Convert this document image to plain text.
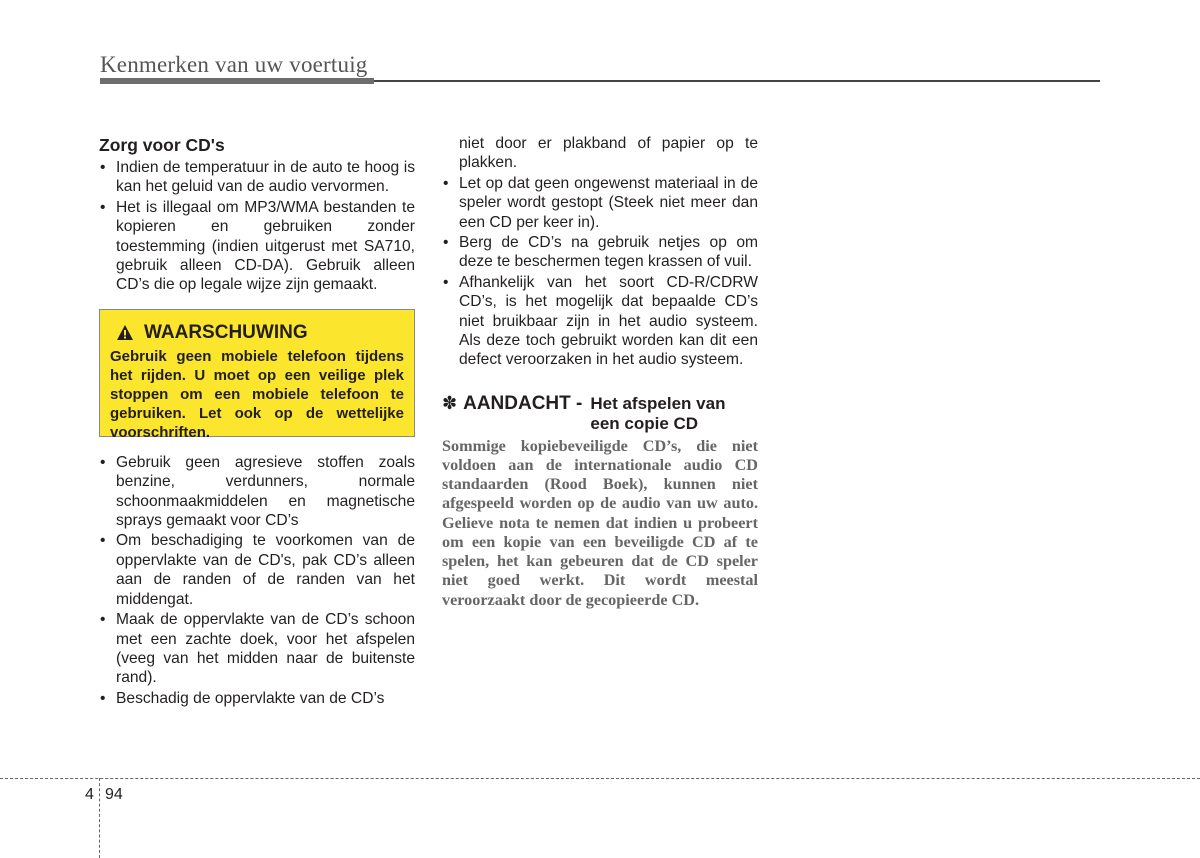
Kenmerken van uw voertuig
Zorg voor CD's
• Indien de temperatuur in de auto te hoog is kan het geluid van de audio vervormen.
• Het is illegaal om MP3/WMA bestanden te kopieren en gebruiken zonder toestemming (indien uitgerust met SA710, gebruik alleen CD-DA). Gebruik alleen CD’s die op legale wijze zijn gemaakt.
WAARSCHUWING
Gebruik geen mobiele telefoon tijdens het rijden. U moet op een veilige plek stoppen om een mobiele telefoon te gebruiken. Let ook op de wettelijke voorschriften.
• Gebruik geen agresieve stoffen zoals benzine, verdunners, normale schoonmaakmiddelen en magnetische sprays gemaakt voor CD’s
• Om beschadiging te voorkomen van de oppervlakte van de CD's, pak CD’s alleen aan de randen of de randen van het middengat.
• Maak de oppervlakte van de CD’s schoon met een zachte doek, voor het afspelen (veeg van het midden naar de buitenste rand).
• Beschadig de oppervlakte van de CD’s
niet door er plakband of papier op te plakken.
• Let op dat geen ongewenst materiaal in de speler wordt gestopt (Steek niet meer dan een CD per keer in).
• Berg de CD’s na gebruik netjes op om deze te beschermen tegen krassen of vuil.
• Afhankelijk van het soort CD-R/CDRW CD’s, is het mogelijk dat bepaalde CD’s niet bruikbaar zijn in het audio systeem. Als deze toch gebruikt worden kan dit een defect veroorzaken in het audio systeem.
✽ AANDACHT - Het afspelen van een copie CD
Sommige kopiebeveiligde CD’s, die niet voldoen aan de internationale audio CD standaarden (Rood Boek), kunnen niet afgespeeld worden op de audio van uw auto. Gelieve nota te nemen dat indien u probeert om een kopie van een beveiligde CD af te spelen, het kan gebeuren dat de CD speler niet goed werkt. Dit wordt meestal veroorzaakt door de gecopieerde CD.
4 94
